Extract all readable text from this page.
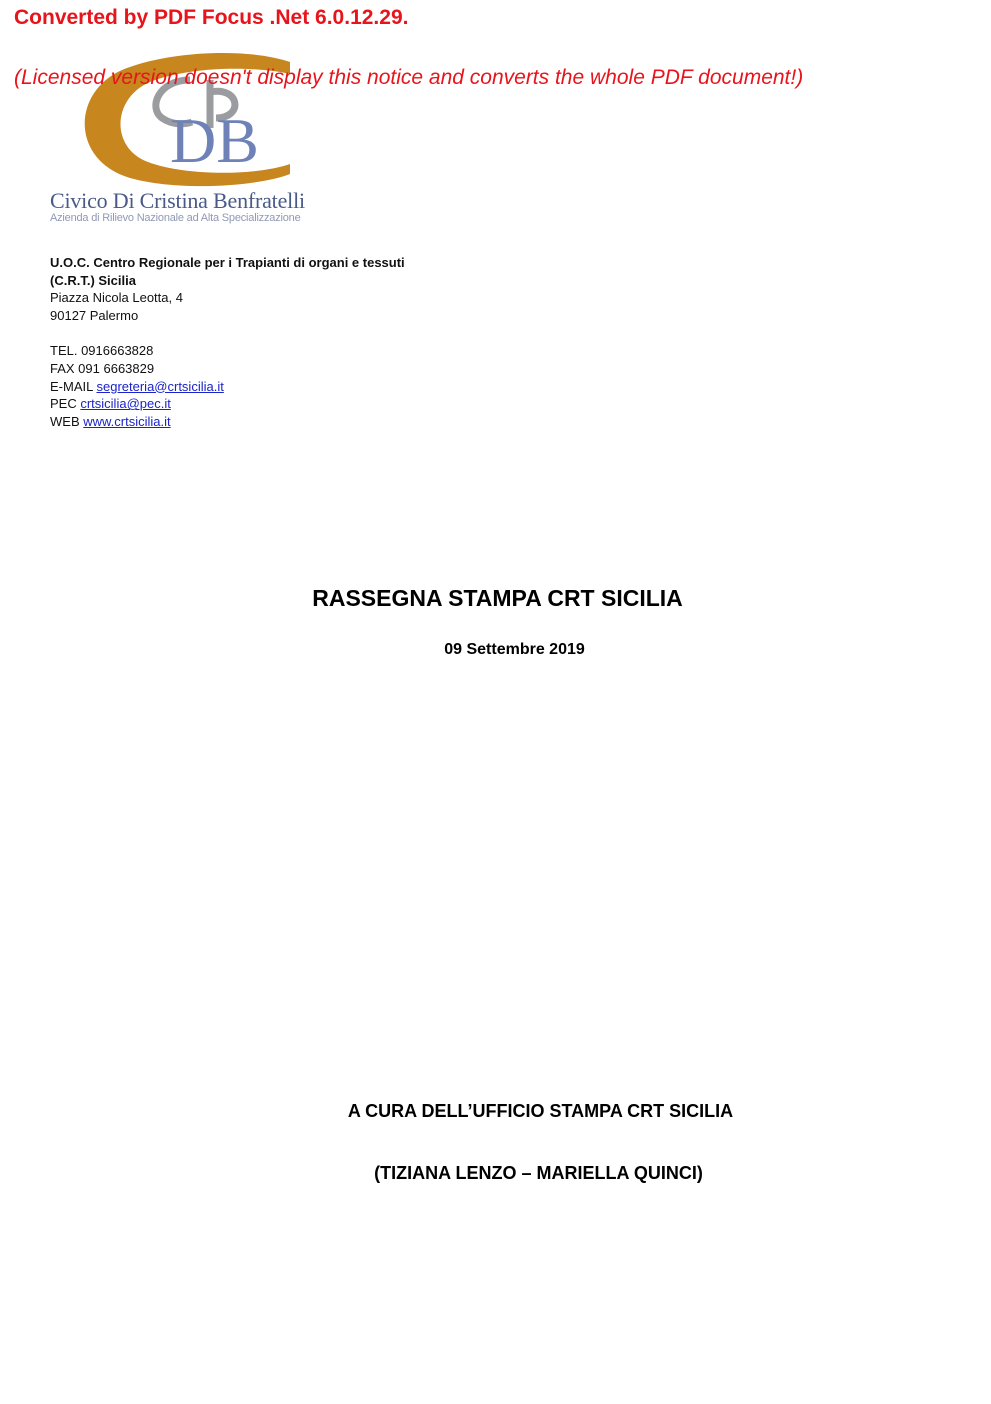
DB
Civico Di Cristina Benfratelli
Azienda di Rilievo Nazionale ad Alta Specializzazione
Converted by PDF Focus .Net 6.0.12.29.
(Licensed version doesn't display this notice and converts the whole PDF document!)
U.O.C. Centro Regionale per i Trapianti di organi e tessuti
(C.R.T.) Sicilia
Piazza Nicola Leotta, 4
90127 Palermo
TEL. 0916663828
FAX 091 6663829
E-MAIL segreteria@crtsicilia.it
PEC crtsicilia@pec.it
WEB www.crtsicilia.it
RASSEGNA STAMPA CRT SICILIA
09 Settembre 2019
A CURA DELL’UFFICIO STAMPA CRT SICILIA
(TIZIANA LENZO – MARIELLA QUINCI)
